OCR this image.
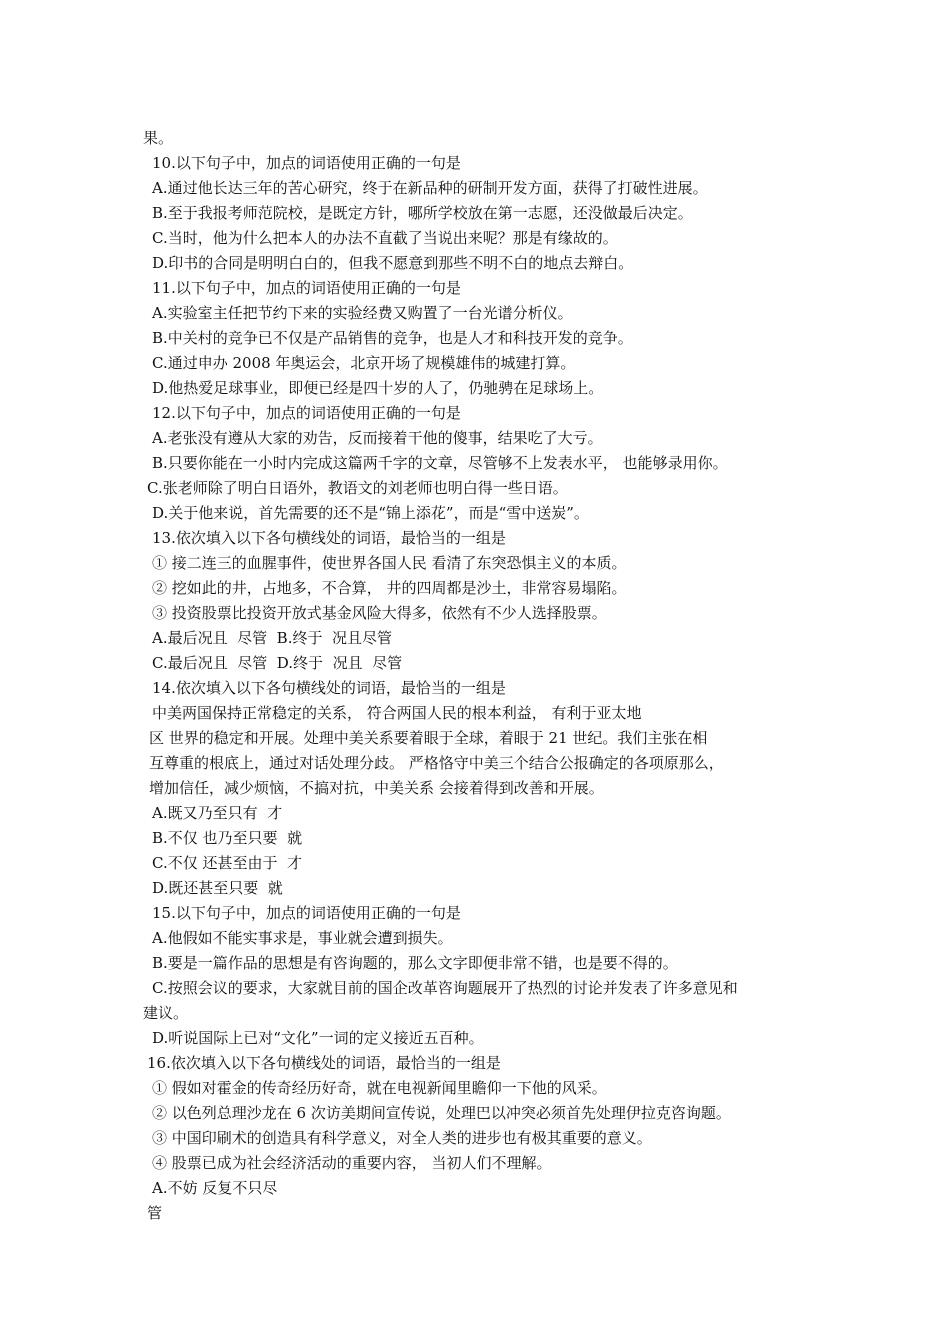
果。
10.以下句子中，加点的词语使用正确的一句是
A.通过他长达三年的苦心研究，终于在新品种的研制开发方面，获得了打破性进展。
B.至于我报考师范院校，是既定方针，哪所学校放在第一志愿，还没做最后决定。
C.当时，他为什么把本人的办法不直截了当说出来呢？那是有缘故的。
D.印书的合同是明明白白的，但我不愿意到那些不明不白的地点去辩白。
11.以下句子中，加点的词语使用正确的一句是
A.实验室主任把节约下来的实验经费又购置了一台光谱分析仪。
B.中关村的竞争已不仅是产品销售的竞争，也是人才和科技开发的竞争。
C.通过申办 2008 年奥运会，北京开场了规模雄伟的城建打算。
D.他热爱足球事业，即便已经是四十岁的人了，仍驰骋在足球场上。
12.以下句子中，加点的词语使用正确的一句是
A.老张没有遵从大家的劝告，反而接着干他的傻事，结果吃了大亏。
B.只要你能在一小时内完成这篇两千字的文章，尽管够不上发表水平， 也能够录用你。
C.张老师除了明白日语外，教语文的刘老师也明白得一些日语。
D.关于他来说，首先需要的还不是“锦上添花”，而是“雪中送炭”。
13.依次填入以下各句横线处的词语，最恰当的一组是
① 接二连三的血腥事件，使世界各国人民 看清了东突恐惧主义的本质。
② 挖如此的井，占地多，不合算， 井的四周都是沙土，非常容易塌陷。
③ 投资股票比投资开放式基金风险大得多，依然有不少人选择股票。
A.最后况且  尽管  B.终于  况且尽管
C.最后况且  尽管  D.终于  况且  尽管
14.依次填入以下各句横线处的词语，最恰当的一组是
中美两国保持正常稳定的关系， 符合两国人民的根本利益， 有利于亚太地
区 世界的稳定和开展。处理中美关系要着眼于全球，着眼于 21 世纪。我们主张在相
互尊重的根底上，通过对话处理分歧。 严格恪守中美三个结合公报确定的各项原那么，
增加信任，减少烦恼，不搞对抗，中美关系 会接着得到改善和开展。
A.既又乃至只有  才
B.不仅 也乃至只要  就
C.不仅 还甚至由于  才
D.既还甚至只要  就
15.以下句子中，加点的词语使用正确的一句是
A.他假如不能实事求是，事业就会遭到损失。
B.要是一篇作品的思想是有咨询题的，那么文字即便非常不错，也是要不得的。
C.按照会议的要求，大家就目前的国企改革咨询题展开了热烈的讨论并发表了许多意见和
建议。
D.听说国际上已对“文化”一词的定义接近五百种。
16.依次填入以下各句横线处的词语，最恰当的一组是
① 假如对霍金的传奇经历好奇，就在电视新闻里瞻仰一下他的风采。
② 以色列总理沙龙在 6 次访美期间宣传说，处理巴以冲突必须首先处理伊拉克咨询题。
③ 中国印刷术的创造具有科学意义，对全人类的进步也有极其重要的意义。
④ 股票已成为社会经济活动的重要内容， 当初人们不理解。
A.不妨 反复不只尽
管
